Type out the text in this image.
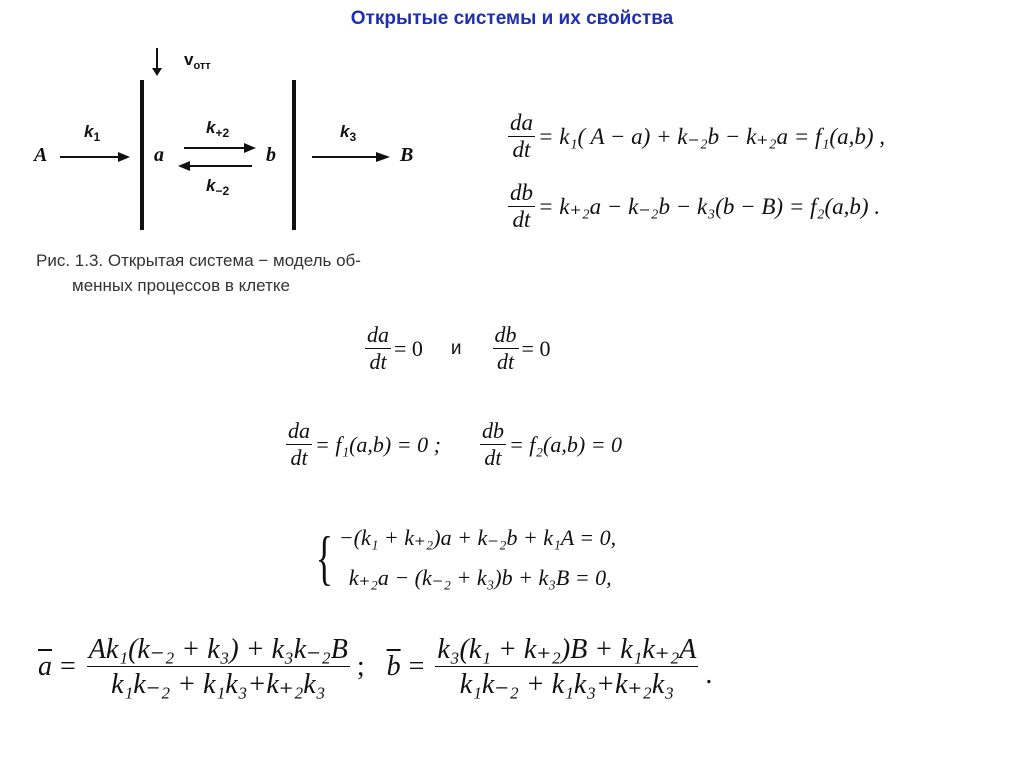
Открытые системы и их свойства
$v_{отт}$
A	a	b	B
$k_1$
$k_{+2}$
$k_{-2}$
$k_3$
Рис. 1.3. Открытая система − модель об-
менных процессов в клетке
$\frac{da}{dt} = k_1$( A − a) + k₋₂b − k₊₂a = f₁(a,b) ,
$\frac{db}{dt} = k_{+2}a - k_{-2}b - k_3(b - B) = f_2(a,b)$ .
$\frac{da}{dt} = 0$ и $\frac{db}{dt} = 0$
$\frac{da}{dt} = f_1(a,b) = 0$ ; $\frac{db}{dt} = f_2(a,b) = 0$
{ −(k₁ + k₊₂)a + k₋₂b + k₁A = 0,
k₊₂a − (k₋₂ + k₃)b + k₃B = 0,
$\overline{a} = \frac{\text{Ak₁(k₋₂ + k₃) + k₃k₋₂B}}{\text{k₁k₋₂ + k₁k₃+k₊₂k₃}}$ ; $\overline{b} = \frac{\text{k₃(k₁ + k₊₂)B + k₁k₊₂A}}{\text{k₁k₋₂ + k₁k₃+k₊₂k₃}}$ .
